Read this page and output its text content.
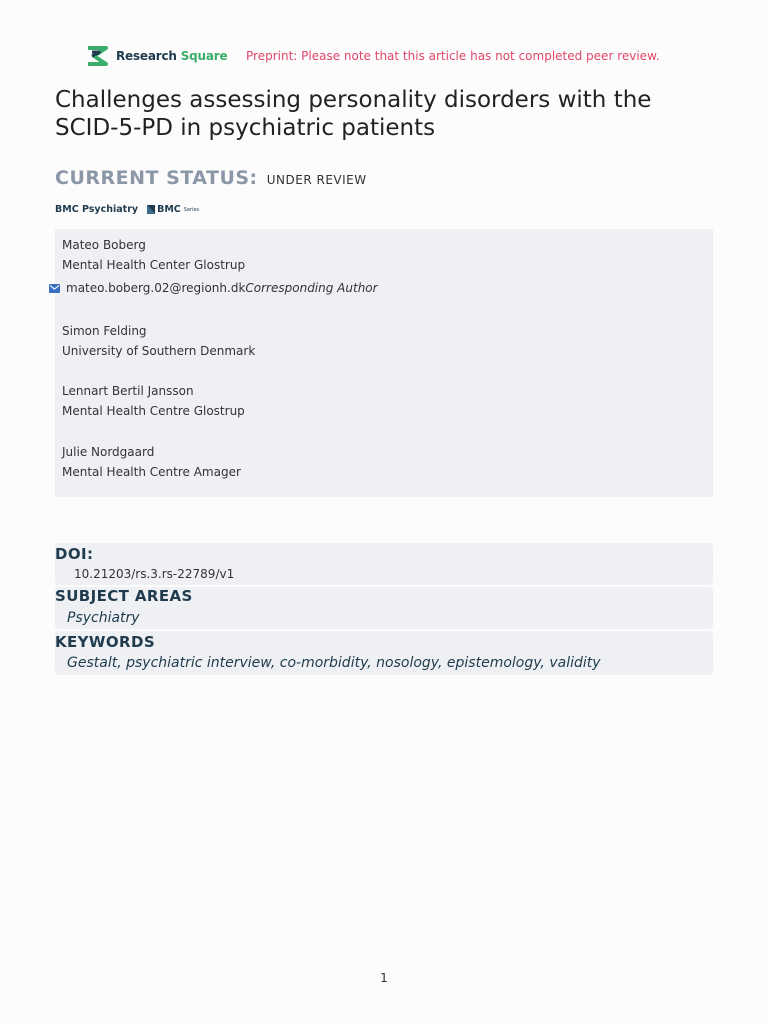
Research Square Preprint: Please note that this article has not completed peer review.
Challenges assessing personality disorders with the SCID-5-PD in psychiatric patients
CURRENT STATUS: UNDER REVIEW
BMC Psychiatry BMC Series
Mateo Boberg
Mental Health Center Glostrup
mateo.boberg.02@regionh.dk Corresponding Author
Simon Felding
University of Southern Denmark
Lennart Bertil Jansson
Mental Health Centre Glostrup
Julie Nordgaard
Mental Health Centre Amager
DOI:
10.21203/rs.3.rs-22789/v1
SUBJECT AREAS
Psychiatry
KEYWORDS
Gestalt, psychiatric interview, co-morbidity, nosology, epistemology, validity
1
